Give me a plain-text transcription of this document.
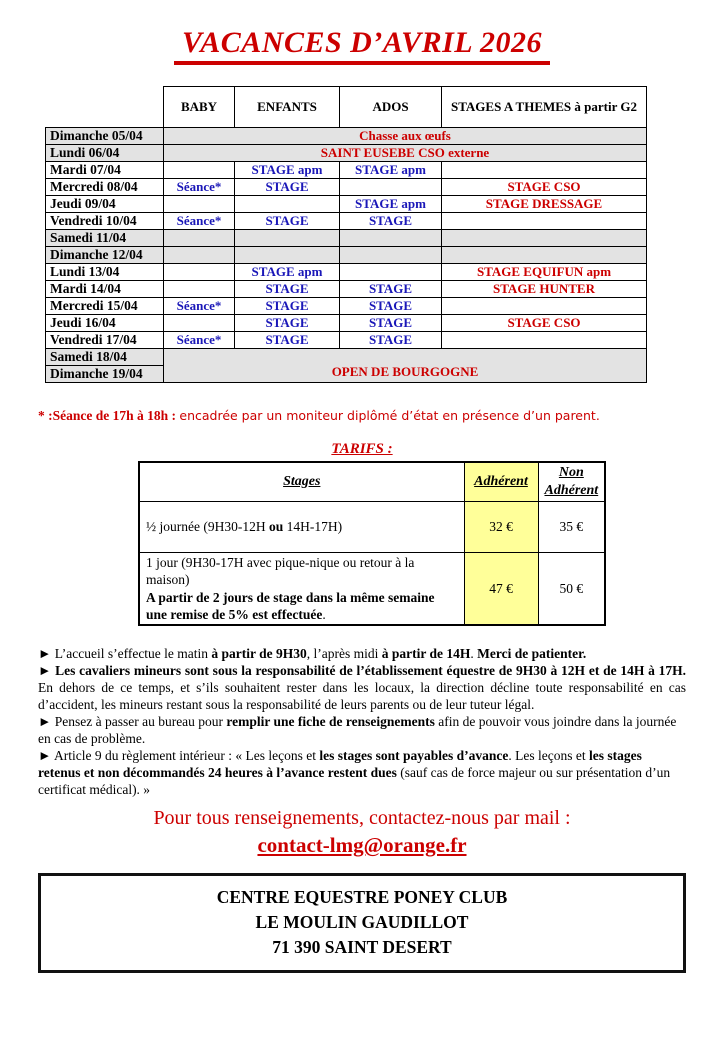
VACANCES D’AVRIL 2026
	BABY	ENFANTS	ADOS	STAGES A THEMES à partir G2
Dimanche 05/04	Chasse aux œufs			
Lundi 06/04	SAINT EUSEBE CSO externe			
Mardi 07/04		STAGE apm	STAGE apm	
Mercredi 08/04	Séance*	STAGE		STAGE CSO
Jeudi 09/04			STAGE apm	STAGE DRESSAGE
Vendredi 10/04	Séance*	STAGE	STAGE	
Samedi 11/04				
Dimanche 12/04				
Lundi 13/04		STAGE apm		STAGE EQUIFUN apm
Mardi 14/04		STAGE	STAGE	STAGE HUNTER
Mercredi 15/04	Séance*	STAGE	STAGE	
Jeudi 16/04		STAGE	STAGE	STAGE CSO
Vendredi 17/04	Séance*	STAGE	STAGE	
Samedi 18/04	OPEN DE BOURGOGNE			
Dimanche 19/04				

* :Séance de 17h à 18h : encadrée par un moniteur diplômé d’état en présence d’un parent.

TARIFS :
Stages	Adhérent	Non
Adhérent
½ journée (9H30-12H ou 14H-17H)	32 €	35 €

1 jour (9H30-17H avec pique-nique ou retour à la maison)
A partir de 2 jours de stage dans la même semaine une remise de 5% est effectuée.	47 €	50 €

► L’accueil s’effectue le matin à partir de 9H30, l’après midi à partir de 14H. Merci de patienter.

► Les cavaliers mineurs sont sous la responsabilité de l’établissement équestre de 9H30 à 12H et de 14H à 17H. En dehors de ce temps, et s’ils souhaitent rester dans les locaux, la direction décline toute responsabilité en cas d’accident, les mineurs restant sous la responsabilité de leurs parents ou de leur tuteur légal.

► Pensez à passer au bureau pour remplir une fiche de renseignements afin de pouvoir vous joindre dans la journée en cas de problème.

► Article 9 du règlement intérieur : « Les leçons et les stages sont payables d’avance. Les leçons et les stages retenus et non décommandés 24 heures à l’avance restent dues (sauf cas de force majeur ou sur présentation d’un certificat médical). »

Pour tous renseignements, contactez-nous par mail :
contact-lmg@orange.fr
CENTRE EQUESTRE PONEY CLUB
LE MOULIN GAUDILLOT
71 390 SAINT DESERT
